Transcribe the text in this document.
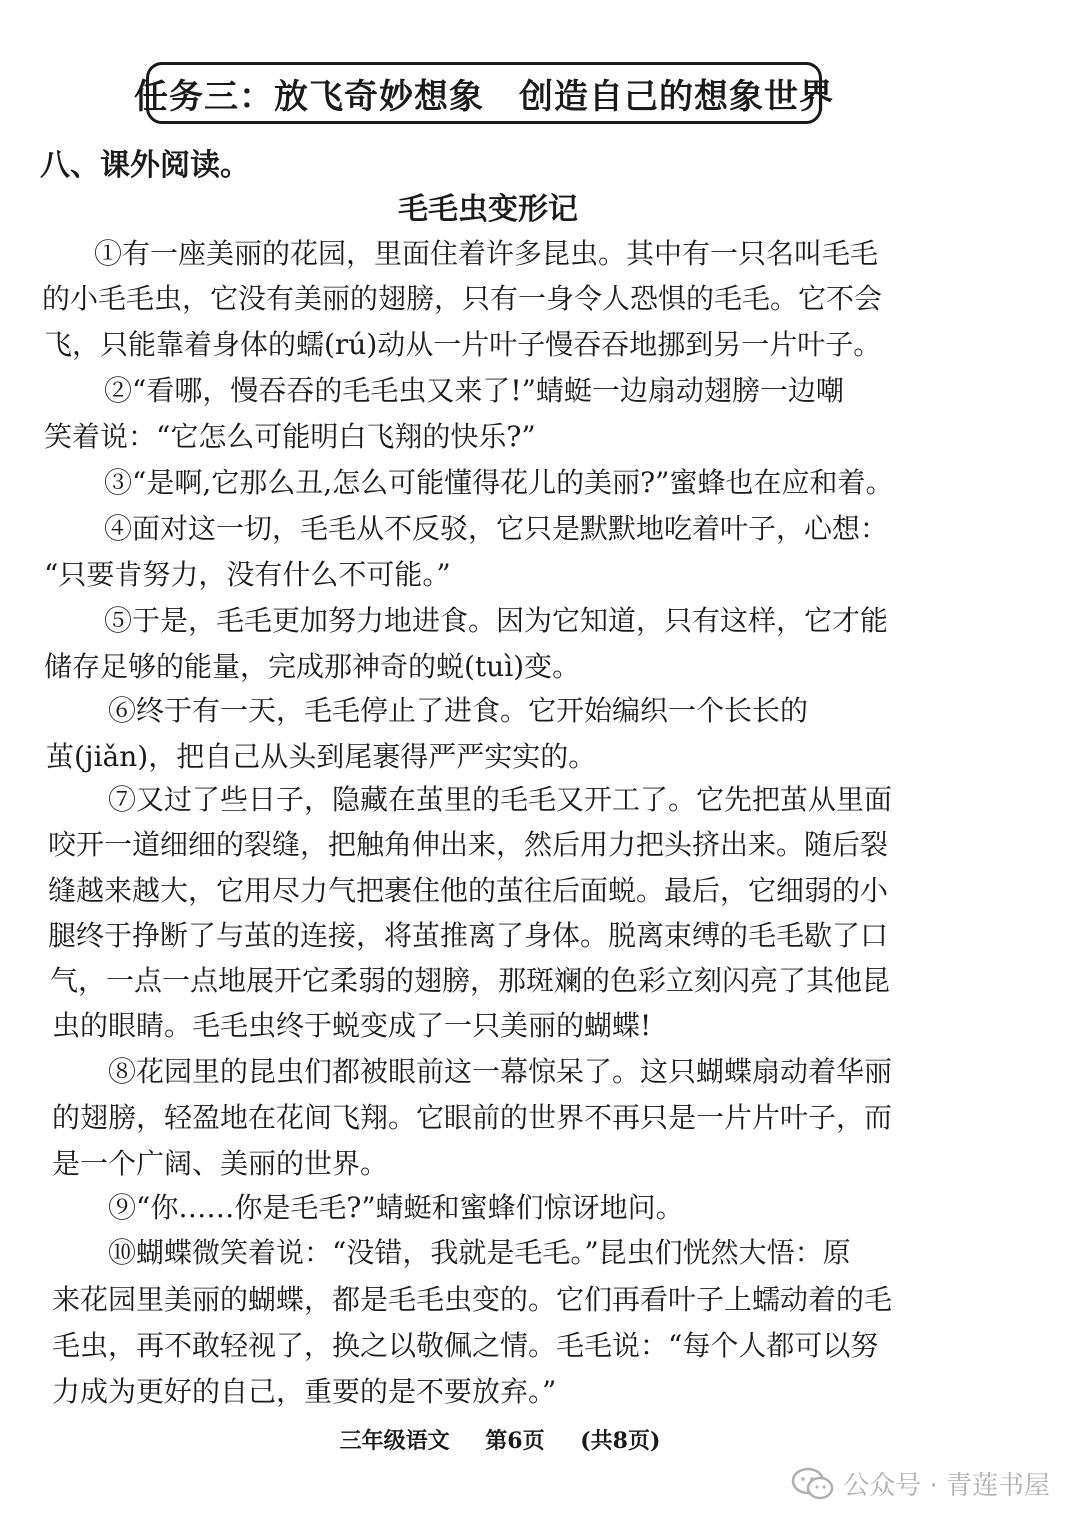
任务三：放飞奇妙想象　创造自己的想象世界
八、课外阅读。
毛毛虫变形记
①有一座美丽的花园，里面住着许多昆虫。其中有一只名叫毛毛
的小毛毛虫，它没有美丽的翅膀，只有一身令人恐惧的毛毛。它不会
飞，只能靠着身体的蠕(rú)动从一片叶子慢吞吞地挪到另一片叶子。
②“看哪，慢吞吞的毛毛虫又来了!”蜻蜓一边扇动翅膀一边嘲
笑着说：“它怎么可能明白飞翔的快乐?”
③“是啊,它那么丑,怎么可能懂得花儿的美丽?”蜜蜂也在应和着。
④面对这一切，毛毛从不反驳，它只是默默地吃着叶子，心想：
“只要肯努力，没有什么不可能。”
⑤于是，毛毛更加努力地进食。因为它知道，只有这样，它才能
储存足够的能量，完成那神奇的蜕(tuì)变。
⑥终于有一天，毛毛停止了进食。它开始编织一个长长的
茧(jiǎn)，把自己从头到尾裹得严严实实的。
⑦又过了些日子，隐藏在茧里的毛毛又开工了。它先把茧从里面
咬开一道细细的裂缝，把触角伸出来，然后用力把头挤出来。随后裂
缝越来越大，它用尽力气把裹住他的茧往后面蜕。最后，它细弱的小
腿终于挣断了与茧的连接，将茧推离了身体。脱离束缚的毛毛歇了口
气，一点一点地展开它柔弱的翅膀，那斑斓的色彩立刻闪亮了其他昆
虫的眼睛。毛毛虫终于蜕变成了一只美丽的蝴蝶!
⑧花园里的昆虫们都被眼前这一幕惊呆了。这只蝴蝶扇动着华丽
的翅膀，轻盈地在花间飞翔。它眼前的世界不再只是一片片叶子，而
是一个广阔、美丽的世界。
⑨“你……你是毛毛?”蜻蜓和蜜蜂们惊讶地问。
⑩蝴蝶微笑着说：“没错，我就是毛毛。”昆虫们恍然大悟：原
来花园里美丽的蝴蝶，都是毛毛虫变的。它们再看叶子上蠕动着的毛
毛虫，再不敢轻视了，换之以敬佩之情。毛毛说：“每个人都可以努
力成为更好的自己，重要的是不要放弃。”
三年级语文 第6页 (共8页)
公众号 · 青莲书屋
